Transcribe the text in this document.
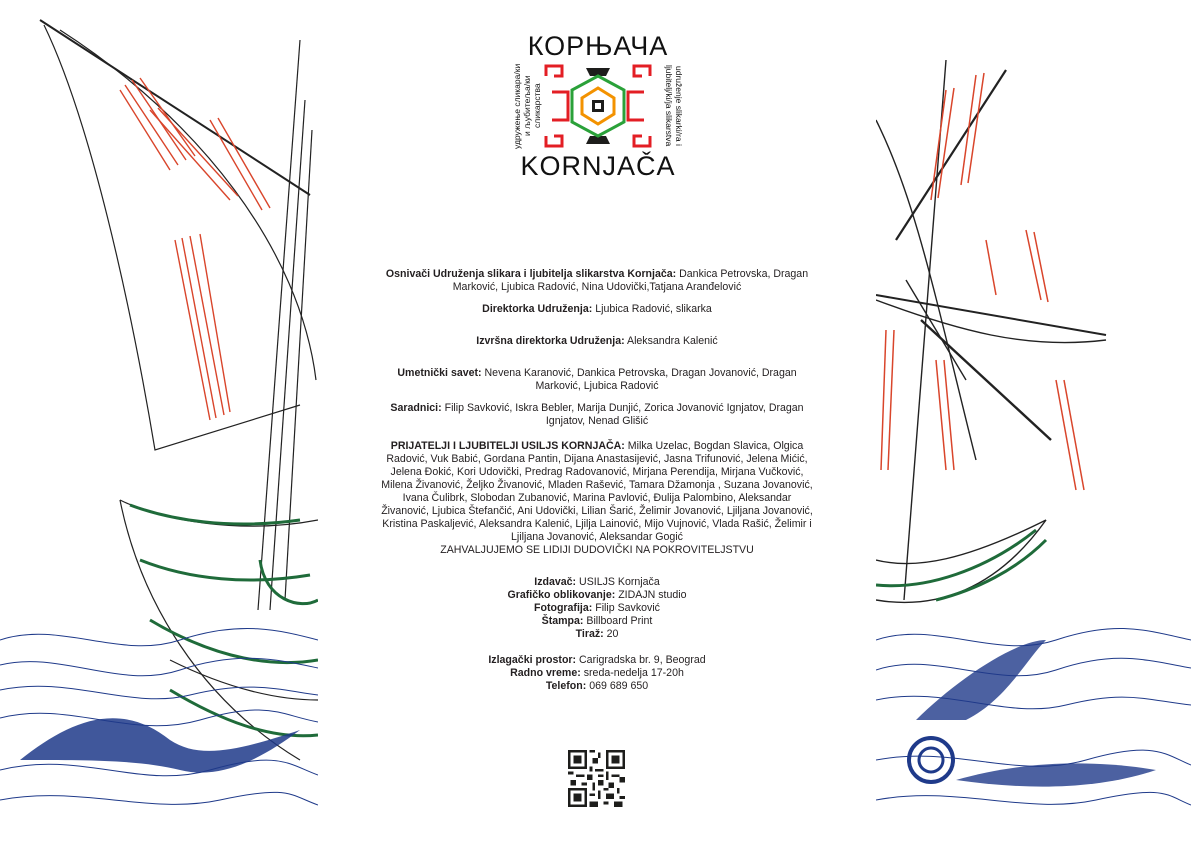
КОРЊАЧА
удружење сликара/ки и љубитеља/ки сликарства	udruženje slikarki/ra i ljubitelj/ki/ja slikarstva
KORNJAČA

Osnivači Udruženja slikara i ljubitelja slikarstva Kornjača: Dankica Petrovska, Dragan Marković, Ljubica Radović, Nina Udovički,Tatjana Aranđelović

Direktorka Udruženja: Ljubica Radović, slikarka

Izvršna direktorka Udruženja: Aleksandra Kalenić

Umetnički savet: Nevena Karanović, Dankica Petrovska, Dragan Jovanović, Dragan Marković, Ljubica Radović

Saradnici: Filip Savković, Iskra Bebler, Marija Dunjić, Zorica Jovanović Ignjatov, Dragan Ignjatov, Nenad Glišić

PRIJATELJI I LJUBITELJI USILJS KORNJAČA: Milka Uzelac, Bogdan Slavica, Olgica Radović, Vuk Babić, Gordana Pantin, Dijana Anastasijević, Jasna Trifunović, Jelena Mićić, Jelena Đokić, Kori Udovički, Predrag Radovanović, Mirjana Perendija, Mirjana Vučković, Milena Živanović, Željko Živanović, Mladen Rašević, Tamara Džamonja , Suzana Jovanović, Ivana Čulibrk, Slobodan Zubanović, Marina Pavlović, Đulija Palombino, Aleksandar Živanović, Ljubica Štefančić, Ani Udovički, Lilian Šarić, Želimir Jovanović, Ljiljana Jovanović, Kristina Paskaljević, Aleksandra Kalenić, Ljilja Lainović, Mijo Vujnović, Vlada Rašić, Želimir i Ljiljana Jovanović, Aleksandar Gogić

ZAHVALJUJEMO SE LIDIJI DUDOVIČKI NA POKROVITELJSTVU

Izdavač: USILJS Kornjača

Grafičko oblikovanje: ZIDAJN studio

Fotografija: Filip Savković

Štampa: Billboard Print

Tiraž: 20

Izlagački prostor: Carigradska br. 9, Beograd

Radno vreme: sreda-nedelja 17-20h

Telefon: 069 689 650
